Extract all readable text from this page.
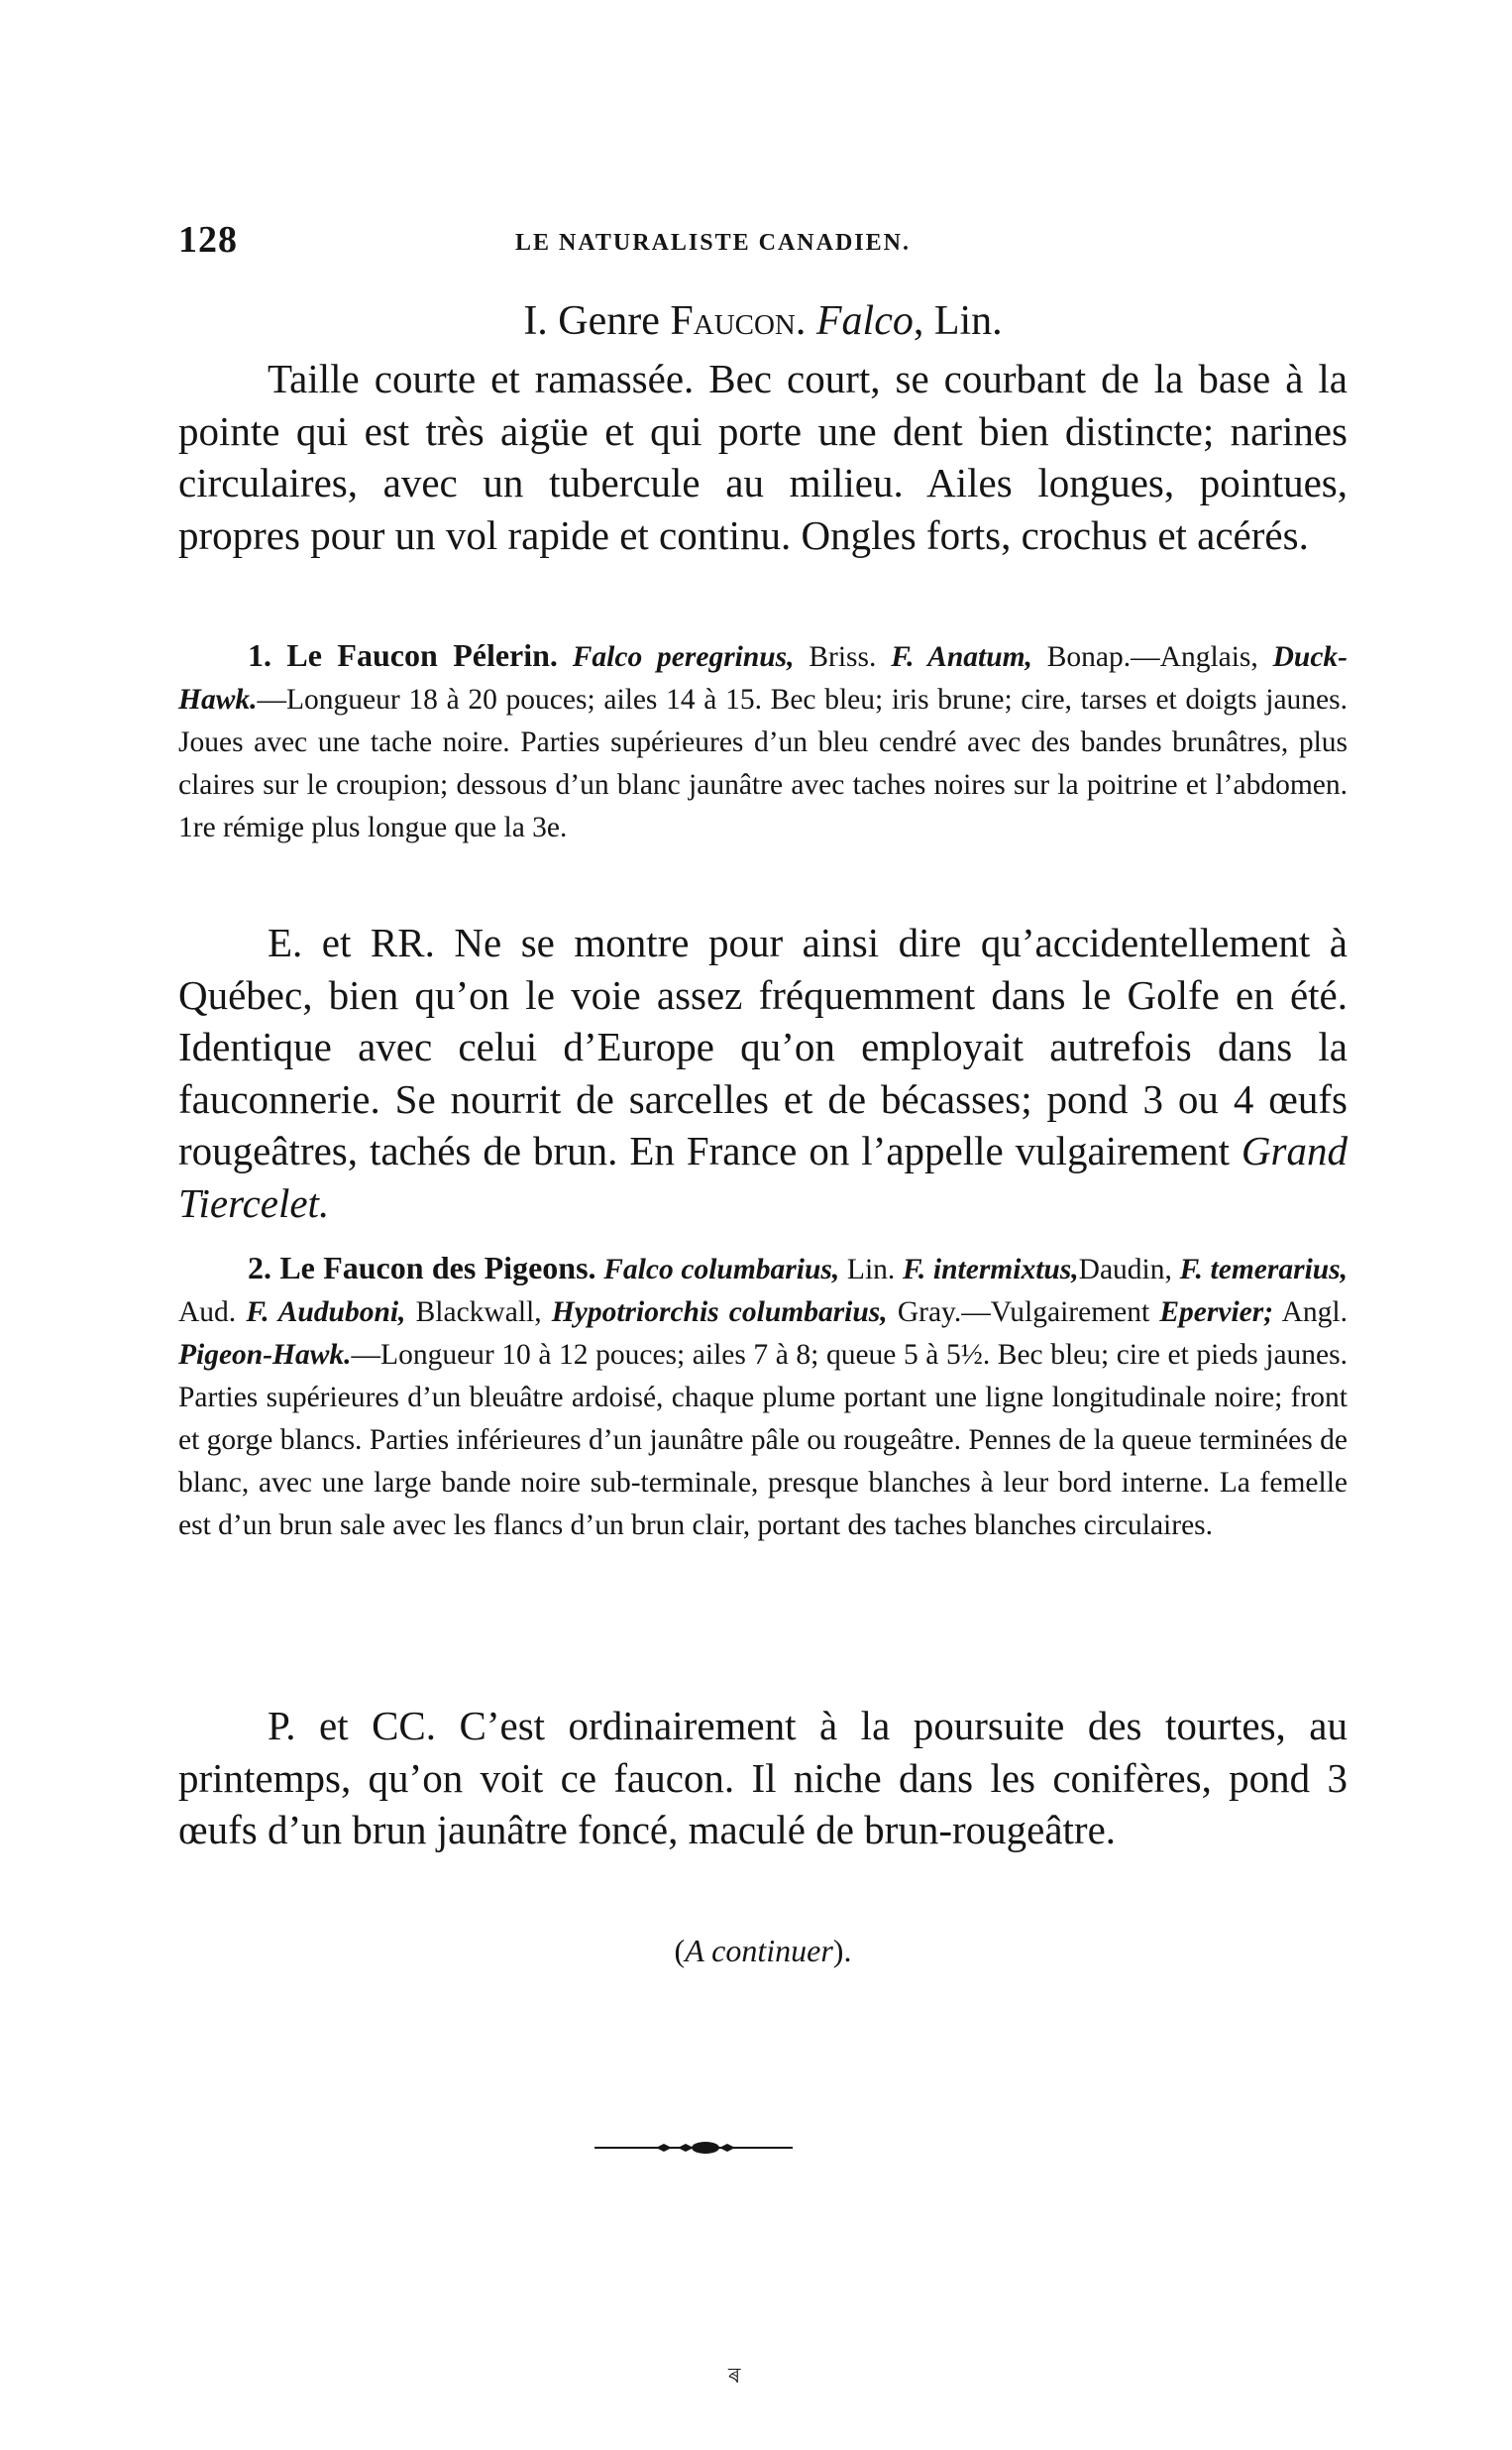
128	LE NATURALISTE CANADIEN.
I. Genre Faucon. Falco, Lin.

Taille courte et ramassée. Bec court, se courbant de la base à la pointe qui est très aigüe et qui porte une dent bien distincte; narines circulaires, avec un tubercule au milieu. Ailes longues, pointues, propres pour un vol rapide et continu. Ongles forts, crochus et acérés.

1. Le Faucon Pélerin. Falco peregrinus, Briss. F. Anatum, Bonap.—Anglais, Duck-Hawk.—Longueur 18 à 20 pouces; ailes 14 à 15. Bec bleu; iris brune; cire, tarses et doigts jaunes. Joues avec une tache noire. Parties supérieures d’un bleu cendré avec des bandes brunâtres, plus claires sur le croupion; dessous d’un blanc jaunâtre avec taches noires sur la poitrine et l’abdomen. 1re rémige plus longue que la 3e.

E. et RR. Ne se montre pour ainsi dire qu’accidentellement à Québec, bien qu’on le voie assez fréquemment dans le Golfe en été. Identique avec celui d’Europe qu’on employait autrefois dans la fauconnerie. Se nourrit de sarcelles et de bécasses; pond 3 ou 4 œufs rougeâtres, tachés de brun. En France on l’appelle vulgairement Grand Tiercelet.

2. Le Faucon des Pigeons. Falco columbarius, Lin. F. intermixtus,Daudin, F. temerarius, Aud. F. Auduboni, Blackwall, Hypotriorchis columbarius, Gray.—Vulgairement Epervier; Angl. Pigeon-Hawk.—Longueur 10 à 12 pouces; ailes 7 à 8; queue 5 à 5½. Bec bleu; cire et pieds jaunes. Parties supérieures d’un bleuâtre ardoisé, chaque plume portant une ligne longitudinale noire; front et gorge blancs. Parties inférieures d’un jaunâtre pâle ou rougeâtre. Pennes de la queue terminées de blanc, avec une large bande noire sub-terminale, presque blanches à leur bord interne. La femelle est d’un brun sale avec les flancs d’un brun clair, portant des taches blanches circulaires.

P. et CC. C’est ordinairement à la poursuite des tourtes, au printemps, qu’on voit ce faucon. Il niche dans les conifères, pond 3 œufs d’un brun jaunâtre foncé, maculé de brun-rougeâtre.

(A continuer).
ৰ
